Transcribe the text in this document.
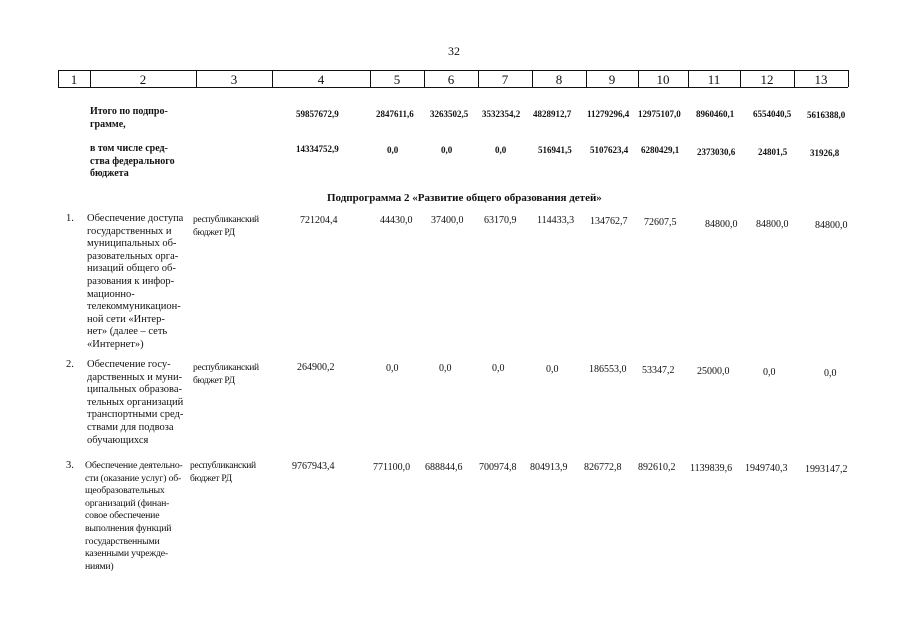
32
1	2	3	4	5	6	7	8	9	10	11	12	13
Итого по подпро-
грамме,
59857672,9	2847611,6 3263502,5 3532354,2 4828912,7 11279296,4 12975107,0 8960460,1 6554040,5 5616388,0
в том числе сред-
ства федерального
бюджета
14334752,9	0,0	0,0	0,0	516941,5 5107623,4 6280429,1 2373030,6	24801,5	31926,8
Подпрограмма 2 «Развитие общего образования детей»
1. Обеспечение доступа
государственных и
муниципальных об-
разовательных орга-
низаций общего об-
разования к инфор-
мационно-
телекоммуникацион-
ной сети «Интер-
нет» (далее – сеть
«Интернет»)
республиканский
бюджет РД
721204,4	44430,0 37400,0 63170,9 114433,3 134762,7 72607,5	84800,0 84800,0	84800,0
2. Обеспечение госу-
дарственных и муни-
ципальных образова-
тельных организаций
транспортными сред-
ствами для подвоза
обучающихся
республиканский
бюджет РД
264900,2	0,0	0,0	0,0	0,0	186553,0 53347,2 25000,0	0,0	0,0
3. Обеспечение деятельно-
сти (оказание услуг) об-
щеобразовательных
организаций (финан-
совое обеспечение
выполнения функций
государственными
казенными учрежде-
ниями)
республиканский
бюджет РД
9767943,4	771100,0 688844,6 700974,8 804913,9 826772,8 892610,2 1139839,6 1949740,3 1993147,2
